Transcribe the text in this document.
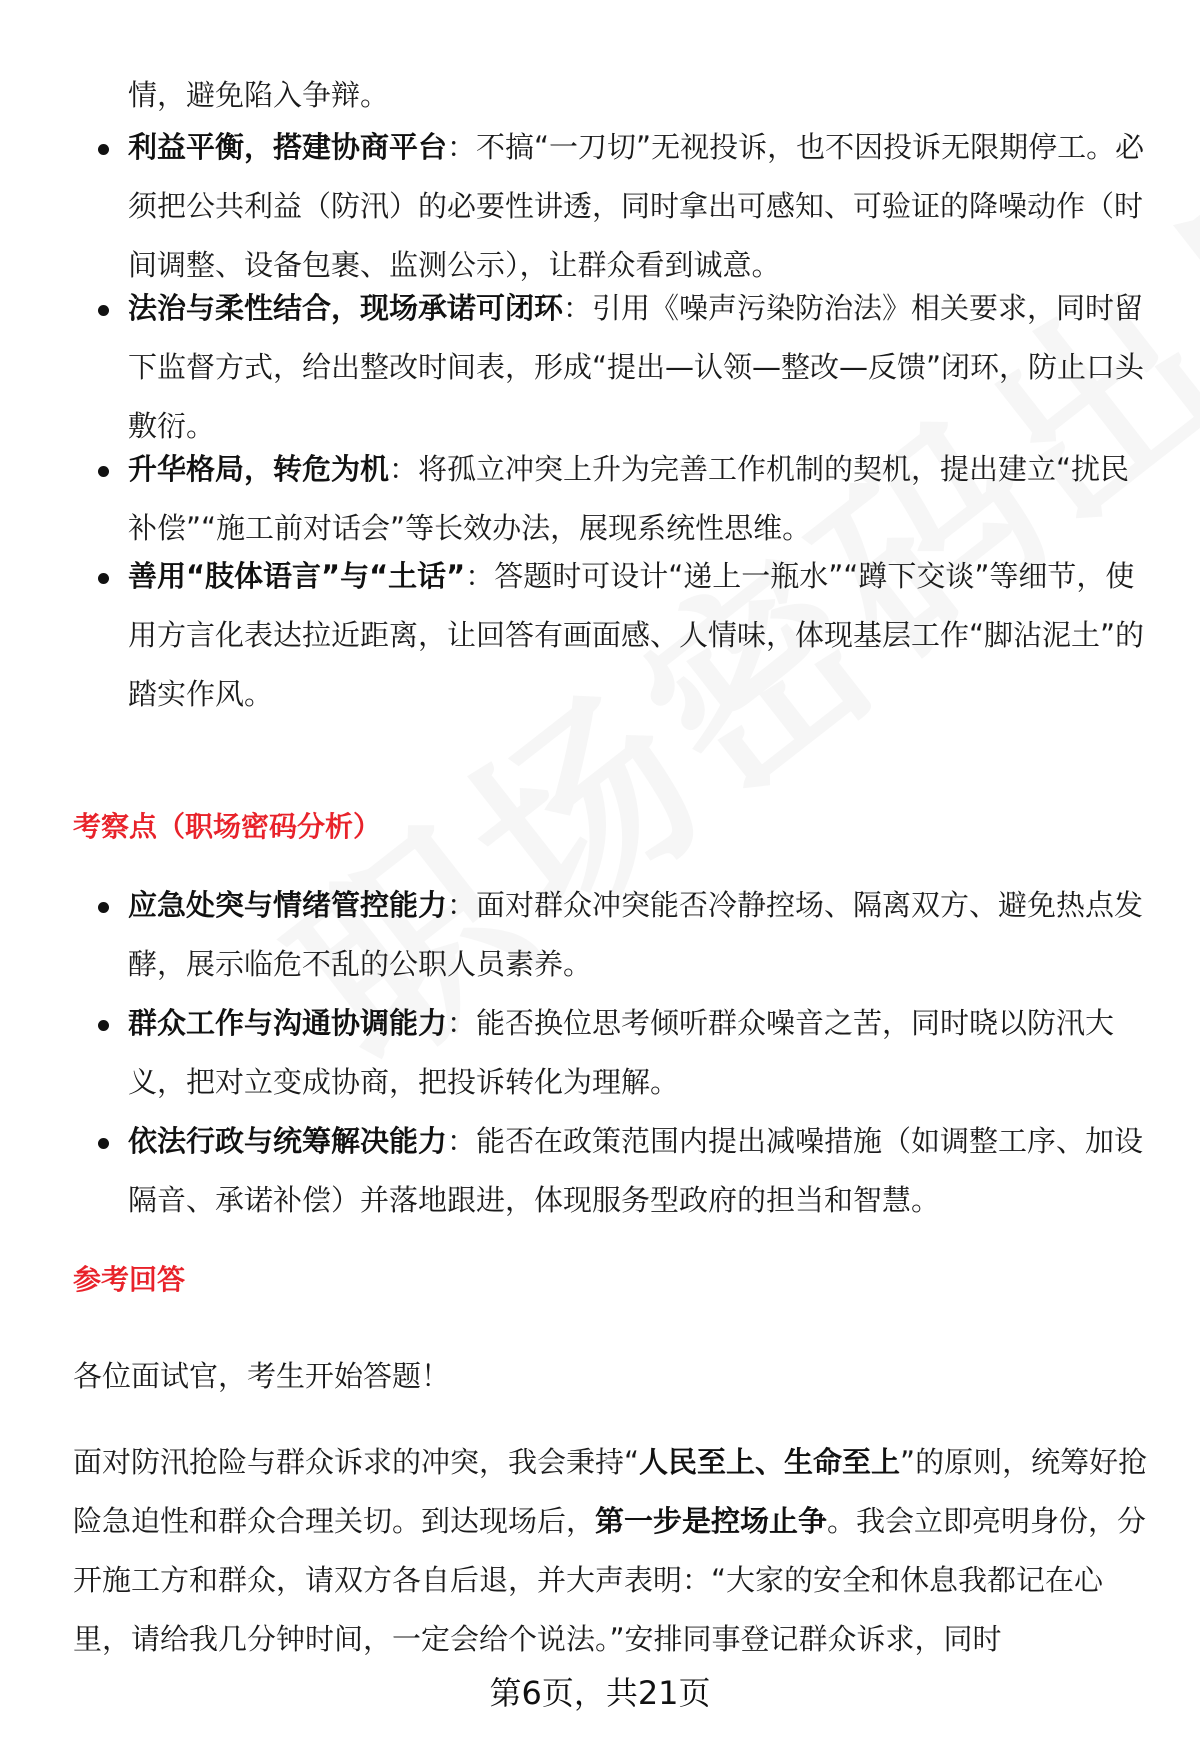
情，避免陷入争辩。

利益平衡，搭建协商平台：不搞“一刀切”无视投诉，也不因投诉无限期停工。必须把公共利益（防汛）的必要性讲透，同时拿出可感知、可验证的降噪动作（时间调整、设备包裹、监测公示），让群众看到诚意。
法治与柔性结合，现场承诺可闭环：引用《噪声污染防治法》相关要求，同时留下监督方式，给出整改时间表，形成“提出—认领—整改—反馈”闭环，防止口头敷衍。
升华格局，转危为机：将孤立冲突上升为完善工作机制的契机，提出建立“扰民补偿”“施工前对话会”等长效办法，展现系统性思维。
善用“肢体语言”与“土话”：答题时可设计“递上一瓶水”“蹲下交谈”等细节，使用方言化表达拉近距离，让回答有画面感、人情味，体现基层工作“脚沾泥土”的踏实作风。
考察点（职场密码分析）
应急处突与情绪管控能力：面对群众冲突能否冷静控场、隔离双方、避免热点发酵，展示临危不乱的公职人员素养。
群众工作与沟通协调能力：能否换位思考倾听群众噪音之苦，同时晓以防汛大义，把对立变成协商，把投诉转化为理解。
依法行政与统筹解决能力：能否在政策范围内提出减噪措施（如调整工序、加设隔音、承诺补偿）并落地跟进，体现服务型政府的担当和智慧。
参考回答

各位面试官，考生开始答题！

面对防汛抢险与群众诉求的冲突，我会秉持“人民至上、生命至上”的原则，统筹好抢险急迫性和群众合理关切。到达现场后，第一步是控场止争。我会立即亮明身份，分开施工方和群众，请双方各自后退，并大声表明：“大家的安全和休息我都记在心里，请给我几分钟时间，一定会给个说法。”安排同事登记群众诉求，同时

第6页，共21页
